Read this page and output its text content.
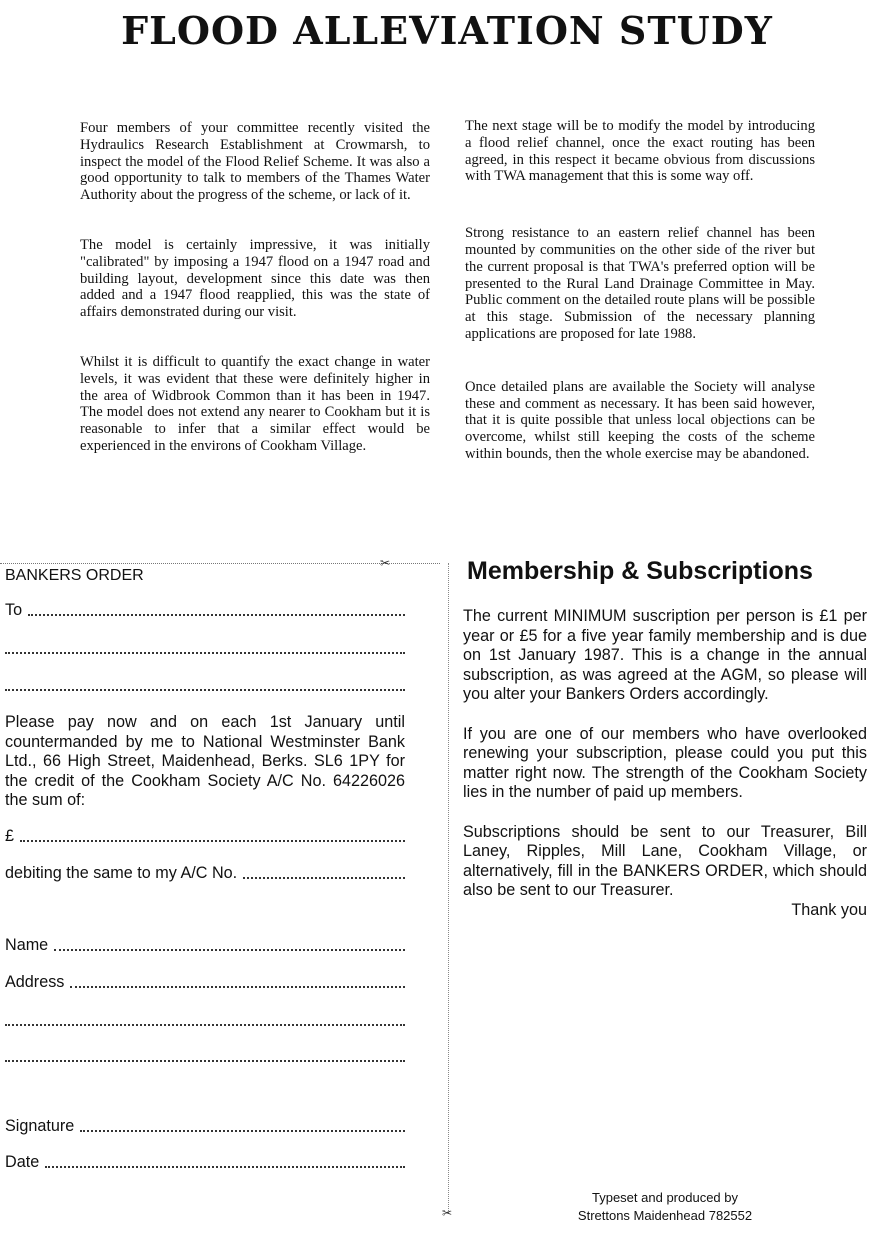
FLOOD ALLEVIATION STUDY

Four members of your committee recently visited the Hydraulics Research Establishment at Crowmarsh, to inspect the model of the Flood Relief Scheme. It was also a good opportunity to talk to members of the Thames Water Authority about the progress of the scheme, or lack of it.

The model is certainly impressive, it was initially "calibrated" by imposing a 1947 flood on a 1947 road and building layout, development since this date was then added and a 1947 flood reapplied, this was the state of affairs demonstrated during our visit.

Whilst it is difficult to quantify the exact change in water levels, it was evident that these were definitely higher in the area of Widbrook Common than it has been in 1947. The model does not extend any nearer to Cookham but it is reasonable to infer that a similar effect would be experienced in the environs of Cookham Village.

The next stage will be to modify the model by introducing a flood relief channel, once the exact routing has been agreed, in this respect it became obvious from discussions with TWA management that this is some way off.

Strong resistance to an eastern relief channel has been mounted by communities on the other side of the river but the current proposal is that TWA's preferred option will be presented to the Rural Land Drainage Committee in May. Public comment on the detailed route plans will be possible at this stage. Submission of the necessary planning applications are proposed for late 1988.

Once detailed plans are available the Society will analyse these and comment as necessary. It has been said however, that it is quite possible that unless local objections can be overcome, whilst still keeping the costs of the scheme within bounds, then the whole exercise may be abandoned.

✂
✂
BANKERS ORDER
To
Please pay now and on each 1st January until countermanded by me to National Westminster Bank Ltd., 66 High Street, Maidenhead, Berks. SL6 1PY for the credit of the Cookham Society A/C No. 64226026 the sum of:
£
debiting the same to my A/C No.
Name
Address
Signature
Date
Membership & Subscriptions

The current MINIMUM suscription per person is £1 per year or £5 for a five year family membership and is due on 1st January 1987. This is a change in the annual subscription, as was agreed at the AGM, so please will you alter your Bankers Orders accordingly.

If you are one of our members who have overlooked renewing your subscription, please could you put this matter right now. The strength of the Cookham Society lies in the number of paid up members.

Subscriptions should be sent to our Treasurer, Bill Laney, Ripples, Mill Lane, Cookham Village, or alternatively, fill in the BANKERS ORDER, which should also be sent to our Treasurer.

Thank you

Typeset and produced by
Strettons Maidenhead 782552
